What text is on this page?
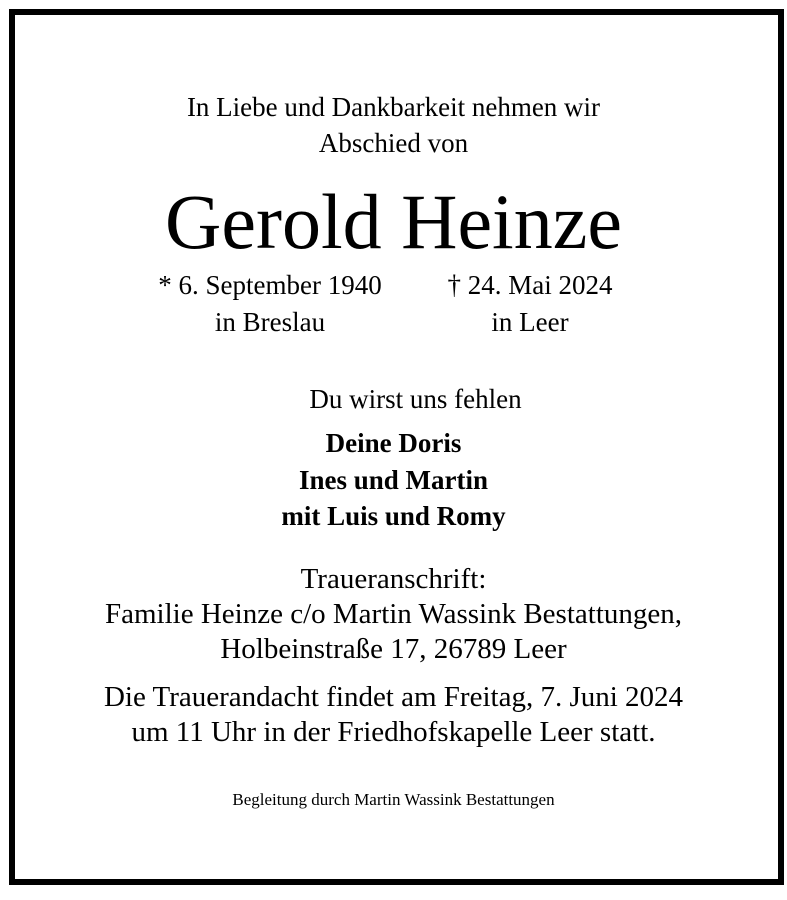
In Liebe und Dankbarkeit nehmen wir
Abschied von
Gerold Heinze
* 6. September 1940
in Breslau
† 24. Mai 2024
in Leer
Du wirst uns fehlen
Deine Doris
Ines und Martin
mit Luis und Romy
Traueranschrift:
Familie Heinze c/o Martin Wassink Bestattungen,
Holbeinstraße 17, 26789 Leer
Die Trauerandacht findet am Freitag, 7. Juni 2024
um 11 Uhr in der Friedhofskapelle Leer statt.
Begleitung durch Martin Wassink Bestattungen
